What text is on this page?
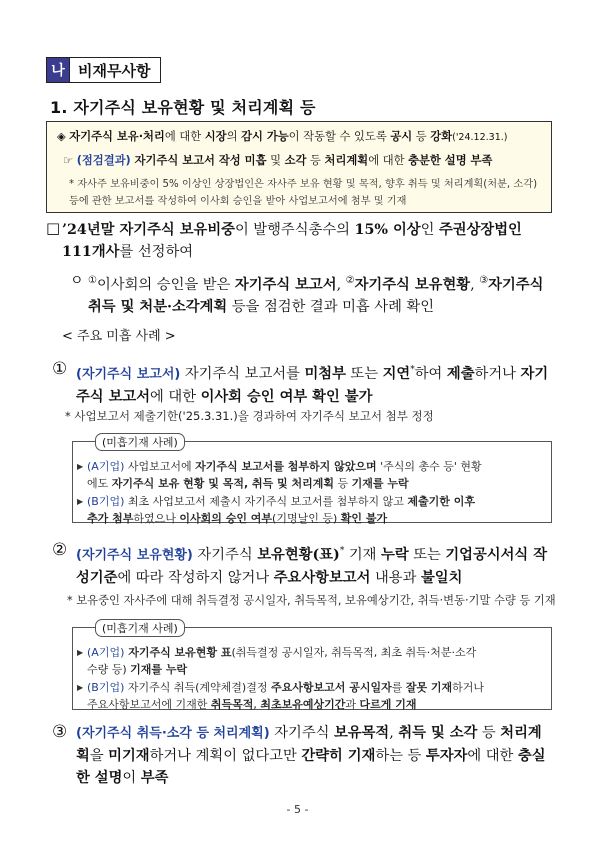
나 비재무사항
1. 자기주식 보유현황 및 처리계획 등
◈ 자기주식 보유·처리에 대한 시장의 감시 가능이 작동할 수 있도록 공시 등 강화('24.12.31.)
☞ (점검결과) 자기주식 보고서 작성 미흡 및 소각 등 처리계획에 대한 충분한 설명 부족
* 자사주 보유비중이 5% 이상인 상장법인은 자사주 보유 현황 및 목적, 향후 취득 및 처리계획(처분, 소각) 등에 관한 보고서를 작성하여 이사회 승인을 받아 사업보고서에 첨부 및 기재
□ ’24년말 자기주식 보유비중이 발행주식총수의 15% 이상인 주권상장법인 111개사를 선정하여
ㅇ ①이사회의 승인을 받은 자기주식 보고서, ②자기주식 보유현황, ③자기주식 취득 및 처분·소각계획 등을 점검한 결과 미흡 사례 확인
< 주요 미흡 사례 >
① (자기주식 보고서) 자기주식 보고서를 미첨부 또는 지연*하여 제출하거나 자기주식 보고서에 대한 이사회 승인 여부 확인 불가
* 사업보고서 제출기한('25.3.31.)을 경과하여 자기주식 보고서 첨부 정정
(미흡기재 사례)
▶ (A기업) 사업보고서에 자기주식 보고서를 첨부하지 않았으며 '주식의 총수 등' 현황
에도 자기주식 보유 현황 및 목적, 취득 및 처리계획 등 기재를 누락
▶ (B기업) 최초 사업보고서 제출시 자기주식 보고서를 첨부하지 않고 제출기한 이후
추가 첨부하였으나 이사회의 승인 여부(기명날인 등) 확인 불가
② (자기주식 보유현황) 자기주식 보유현황(표)* 기재 누락 또는 기업공시서식 작성기준에 따라 작성하지 않거나 주요사항보고서 내용과 불일치
* 보유중인 자사주에 대해 취득결정 공시일자, 취득목적, 보유예상기간, 취득·변동·기말 수량 등 기재
(미흡기재 사례)
▶ (A기업) 자기주식 보유현황 표(취득결정 공시일자, 취득목적, 최초 취득·처분·소각
수량 등) 기재를 누락
▶ (B기업) 자기주식 취득(계약체결)결정 주요사항보고서 공시일자를 잘못 기재하거나
주요사항보고서에 기재한 취득목적, 최초보유예상기간과 다르게 기재
③ (자기주식 취득·소각 등 처리계획) 자기주식 보유목적, 취득 및 소각 등 처리계획을 미기재하거나 계획이 없다고만 간략히 기재하는 등 투자자에 대한 충실한 설명이 부족
- 5 -
